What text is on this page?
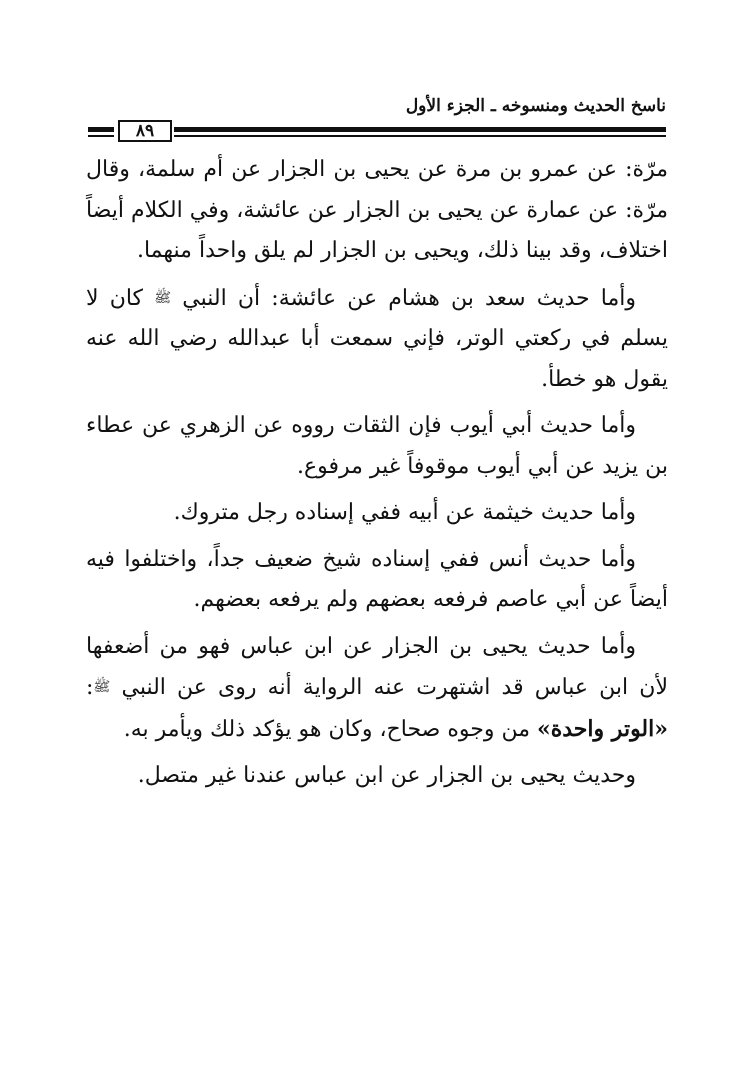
ناسخ الحديث ومنسوخه ـ الجزء الأول
٨٩

مرّة: عن عمرو بن مرة عن يحيى بن الجزار عن أم سلمة، وقال مرّة: عن عمارة عن يحيى بن الجزار عن عائشة، وفي الكلام أيضاً اختلاف، وقد بينا ذلك، ويحيى بن الجزار لم يلق واحداً منهما.

وأما حديث سعد بن هشام عن عائشة: أن النبي ﷺ كان لا يسلم في ركعتي الوتر، فإني سمعت أبا عبدالله رضي الله عنه يقول هو خطأ.

وأما حديث أبي أيوب فإن الثقات رووه عن الزهري عن عطاء بن يزيد عن أبي أيوب موقوفاً غير مرفوع.

وأما حديث خيثمة عن أبيه ففي إسناده رجل متروك.

وأما حديث أنس ففي إسناده شيخ ضعيف جداً، واختلفوا فيه أيضاً عن أبي عاصم فرفعه بعضهم ولم يرفعه بعضهم.

وأما حديث يحيى بن الجزار عن ابن عباس فهو من أضعفها لأن ابن عباس قد اشتهرت عنه الرواية أنه روى عن النبي ﷺ: «الوتر واحدة» من وجوه صحاح، وكان هو يؤكد ذلك ويأمر به.

وحديث يحيى بن الجزار عن ابن عباس عندنا غير متصل.
